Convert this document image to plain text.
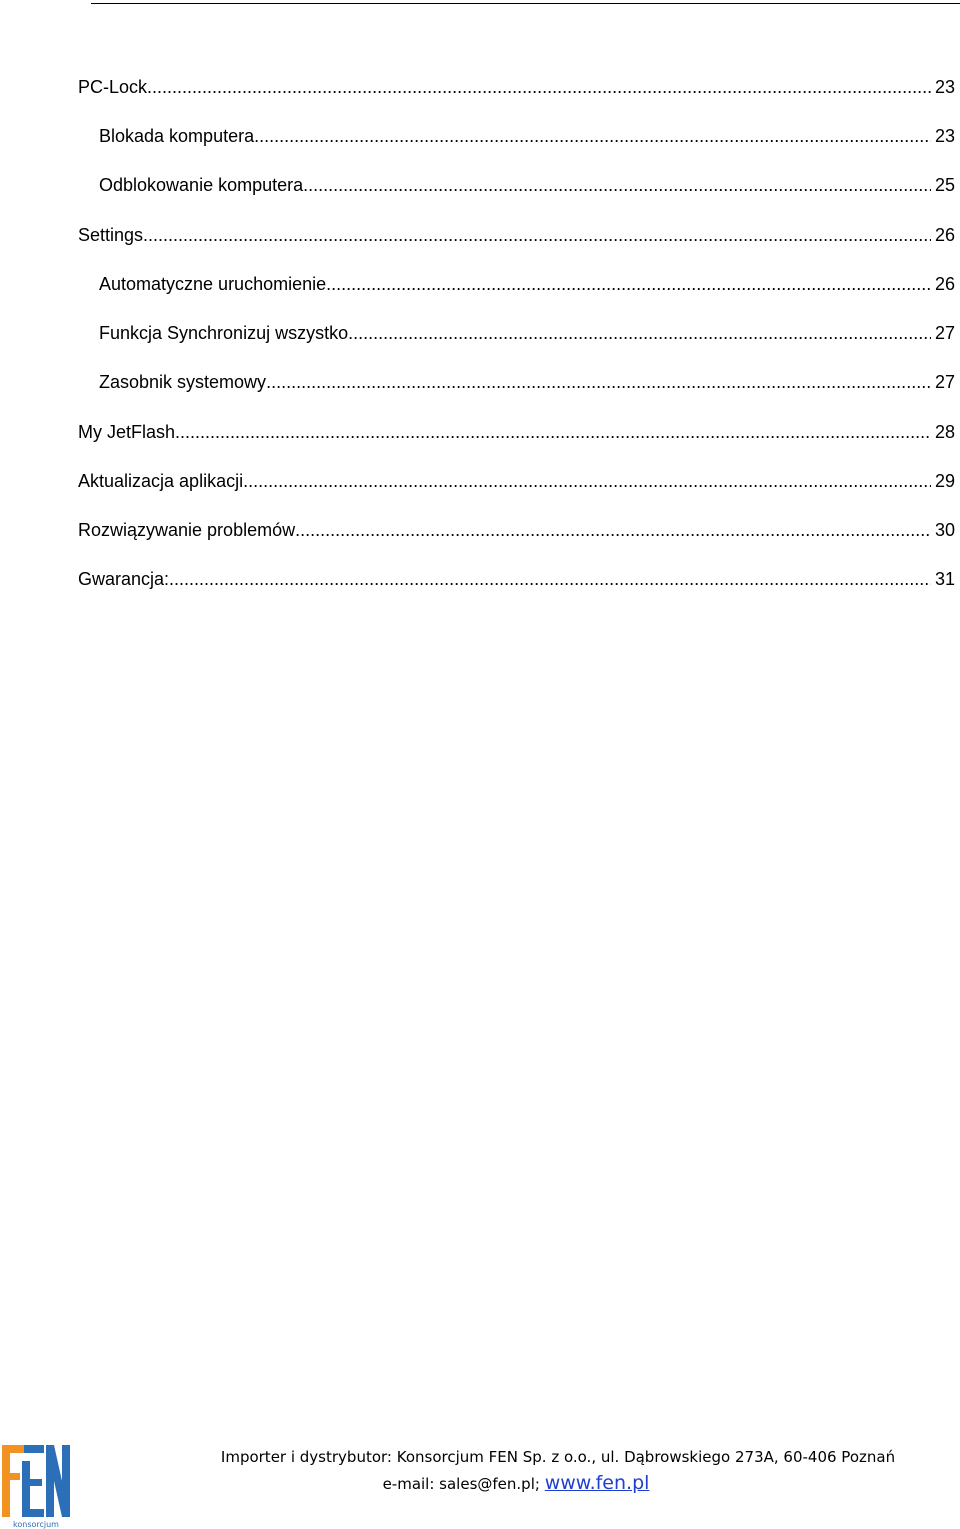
PC-Lock .....	23
Blokada komputera .....	23
Odblokowanie komputera .....	25
Settings .....	26
Automatyczne uruchomienie .....	26
Funkcja Synchronizuj wszystko .....	27
Zasobnik systemowy .....	27
My JetFlash .....	28
Aktualizacja aplikacji .....	29
Rozwiązywanie problemów .....	30
Gwarancja: .....	31
konsorcjum
Importer i dystrybutor: Konsorcjum FEN Sp. z o.o., ul. Dąbrowskiego 273A, 60-406 Poznań
e-mail: sales@fen.pl; www.fen.pl
